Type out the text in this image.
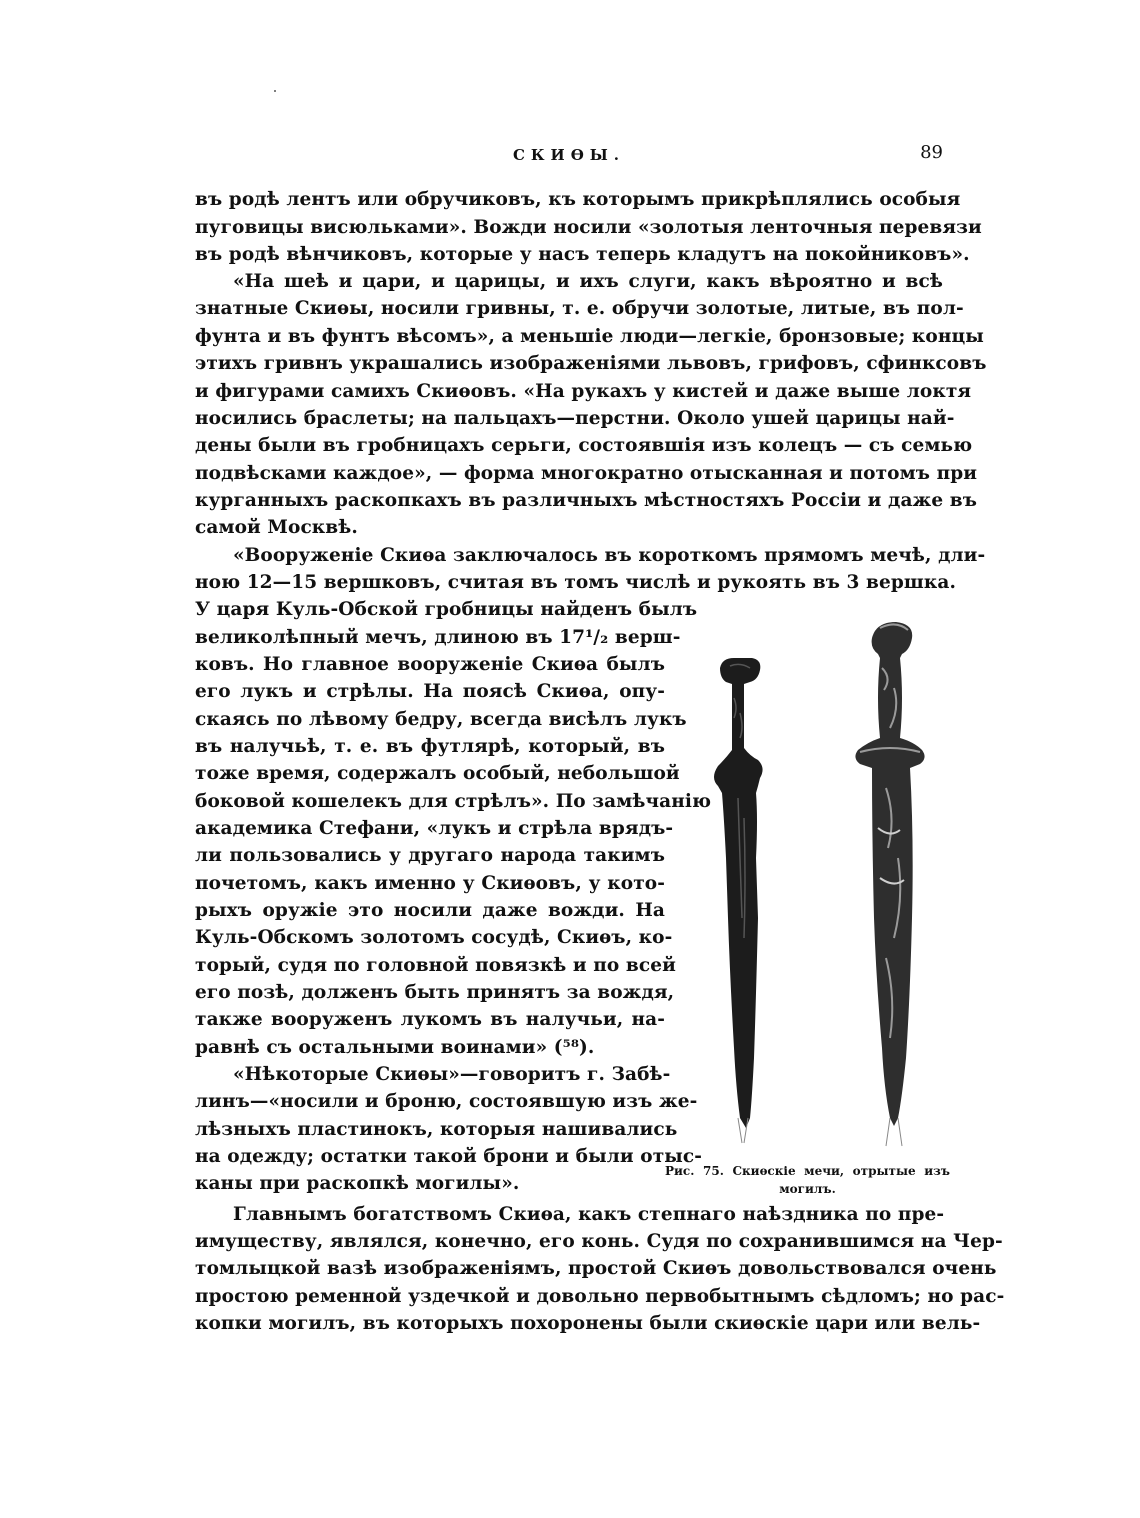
СКИѲЫ.	89
въ родѣ лентъ или обручиковъ, къ которымъ прикрѣплялись особыя
пуговицы висюльками». Вожди носили «золотыя ленточныя перевязи
въ родѣ вѣнчиковъ, которые у насъ теперь кладутъ на покойниковъ».
«На шеѣ и цари, и царицы, и ихъ слуги, какъ вѣроятно и всѣ
знатные Скиѳы, носили гривны, т. е. обручи золотые, литые, въ пол-
фунта и въ фунтъ вѣсомъ», а меньшіе люди—легкіе, бронзовые; концы
этихъ гривнъ украшались изображеніями львовъ, грифовъ, сфинксовъ
и фигурами самихъ Скиѳовъ. «На рукахъ у кистей и даже выше локтя
носились браслеты; на пальцахъ—перстни. Около ушей царицы най-
дены были въ гробницахъ серьги, состоявшія изъ колецъ — съ семью
подвѣсками каждое», — форма многократно отысканная и потомъ при
курганныхъ раскопкахъ въ различныхъ мѣстностяхъ Россіи и даже въ
самой Москвѣ.
«Вооруженіе Скиѳа заключалось въ короткомъ прямомъ мечѣ, дли-
ною 12—15 вершковъ, считая въ томъ числѣ и рукоять въ 3 вершка.
У царя Куль-Обской гробницы найденъ былъ
великолѣпный мечъ, длиною въ 17¹/₂ верш-
ковъ. Но главное вооруженіе Скиѳа былъ
его лукъ и стрѣлы. На поясѣ Скиѳа, опу-
скаясь по лѣвому бедру, всегда висѣлъ лукъ
въ налучьѣ, т. е. въ футлярѣ, который, въ
тоже время, содержалъ особый, небольшой
боковой кошелекъ для стрѣлъ». По замѣчанію
академика Стефани, «лукъ и стрѣла врядъ-
ли пользовались у другаго народа такимъ
почетомъ, какъ именно у Скиѳовъ, у кото-
рыхъ оружіе это носили даже вожди. На
Куль-Обскомъ золотомъ сосудѣ, Скиѳъ, ко-
торый, судя по головной повязкѣ и по всей
его позѣ, долженъ быть принятъ за вождя,
также вооруженъ лукомъ въ налучьи, на-
равнѣ съ остальными воинами» (⁵⁸).
«Нѣкоторые Скиѳы»—говоритъ г. Забѣ-
линъ—«носили и броню, состоявшую изъ же-
лѣзныхъ пластинокъ, которыя нашивались
на одежду; остатки такой брони и были отыс-
каны при раскопкѣ могилы».
Главнымъ богатствомъ Скиѳа, какъ степнаго наѣздника по пре-
имуществу, являлся, конечно, его конь. Судя по сохранившимся на Чер-
томлыцкой вазѣ изображеніямъ, простой Скиѳъ довольствовался очень
простою ременной уздечкой и довольно первобытнымъ сѣдломъ; но рас-
копки могилъ, въ которыхъ похоронены были скиѳскіе цари или вель-
Рис. 75. Скиѳскіе мечи, отрытые изъ
могилъ.
